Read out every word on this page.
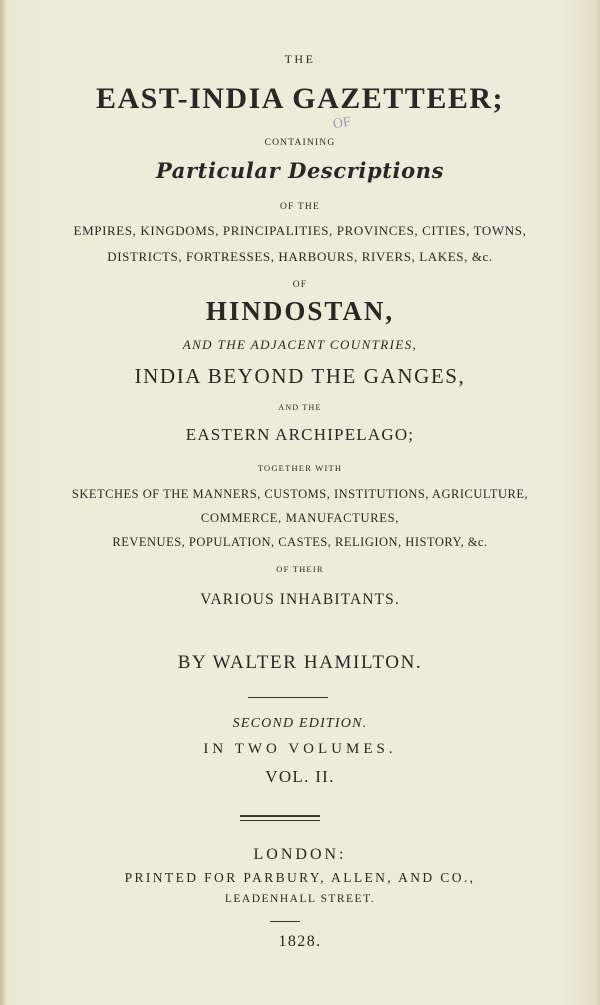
THE
EAST-INDIA GAZETTEER;
OF
CONTAINING
Particular Descriptions
OF THE
EMPIRES, KINGDOMS, PRINCIPALITIES, PROVINCES, CITIES, TOWNS,
DISTRICTS, FORTRESSES, HARBOURS, RIVERS, LAKES, &c.
OF
HINDOSTAN,
AND THE ADJACENT COUNTRIES,
INDIA BEYOND THE GANGES,
AND THE
EASTERN ARCHIPELAGO;
TOGETHER WITH
SKETCHES OF THE MANNERS, CUSTOMS, INSTITUTIONS, AGRICULTURE,
COMMERCE, MANUFACTURES,
REVENUES, POPULATION, CASTES, RELIGION, HISTORY, &c.
OF THEIR
VARIOUS INHABITANTS.
BY WALTER HAMILTON.
SECOND EDITION.
IN TWO VOLUMES.
VOL. II.
LONDON:
PRINTED FOR PARBURY, ALLEN, AND CO.,
LEADENHALL STREET.
1828.
